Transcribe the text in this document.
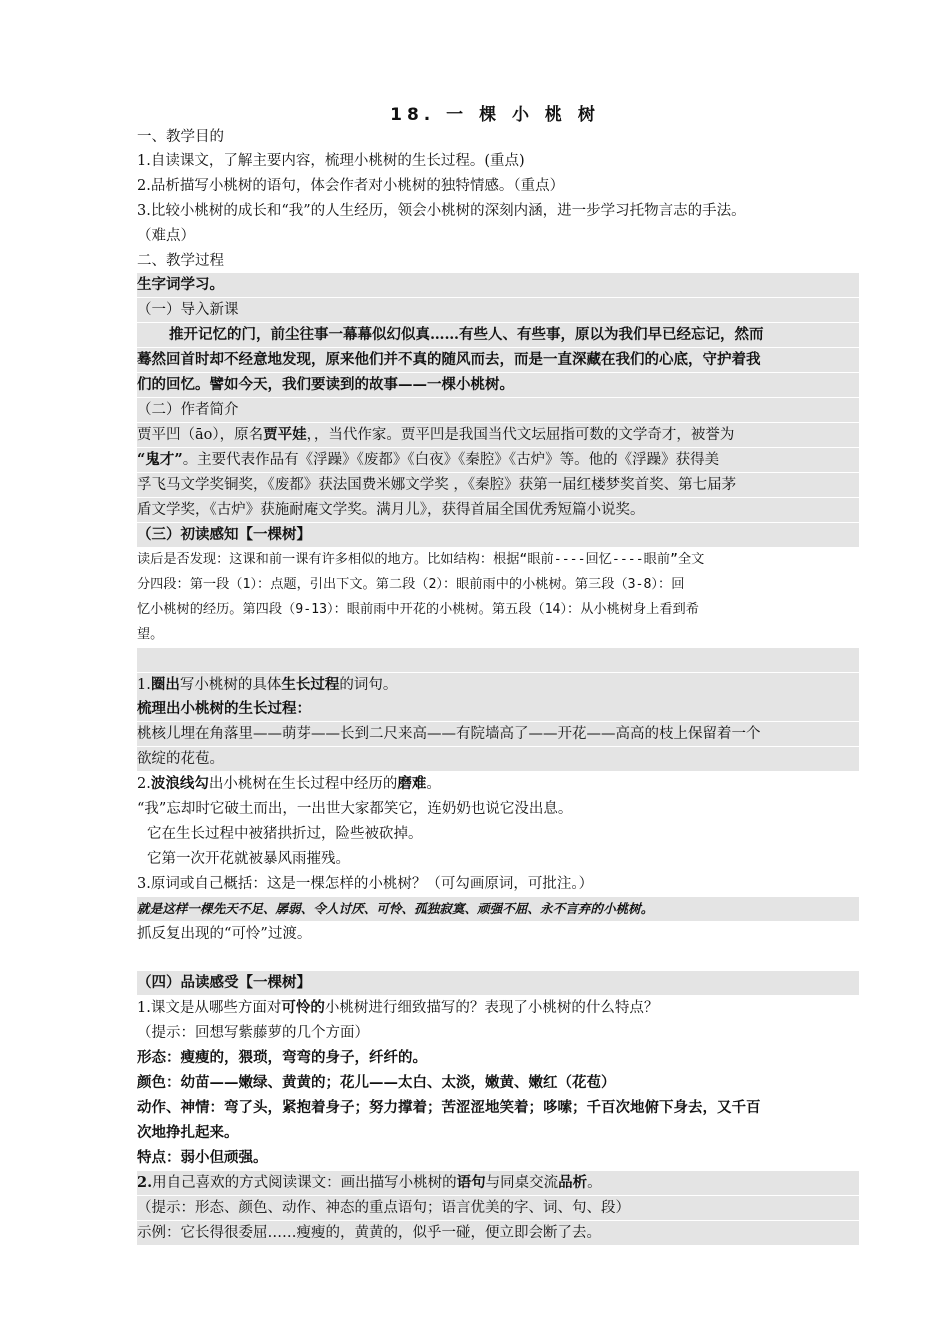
18. 一 棵 小 桃 树
一、教学目的
1.自读课文，了解主要内容，梳理小桃树的生长过程。(重点)
2.品析描写小桃树的语句，体会作者对小桃树的独特情感。（重点）
3.比较小桃树的成长和“我”的人生经历，领会小桃树的深刻内涵，进一步学习托物言志的手法。
（难点）
二、教学过程
生字词学习。
（一）导入新课
推开记忆的门，前尘往事一幕幕似幻似真……有些人、有些事，原以为我们早已经忘记，然而
蓦然回首时却不经意地发现，原来他们并不真的随风而去，而是一直深藏在我们的心底，守护着我
们的回忆。譬如今天，我们要读到的故事——一棵小桃树。
（二）作者简介
贾平凹（āo），原名贾平娃，，当代作家。贾平凹是我国当代文坛屈指可数的文学奇才，被誉为
“鬼才”。主要代表作品有《浮躁》《废都》《白夜》《秦腔》《古炉》等。他的《浮躁》获得美
孚飞马文学奖铜奖，《废都》获法国费米娜文学奖 ，《秦腔》获第一届红楼梦奖首奖、第七届茅
盾文学奖，《古炉》获施耐庵文学奖。满月儿》，获得首届全国优秀短篇小说奖。
（三）初读感知【一棵树】
读后是否发现：这课和前一课有许多相似的地方。比如结构：根据“眼前----回忆----眼前”全文
分四段：第一段（1）：点题，引出下文。第二段（2）：眼前雨中的小桃树。第三段（3-8）：回
忆小桃树的经历。第四段（9-13）：眼前雨中开花的小桃树。第五段（14）：从小桃树身上看到希
望。
1.圈出写小桃树的具体生长过程的词句。
梳理出小桃树的生长过程：
桃核儿埋在角落里——萌芽——长到二尺来高——有院墙高了——开花——高高的枝上保留着一个
欲绽的花苞。
2.波浪线勾出小桃树在生长过程中经历的磨难。
“我”忘却时它破土而出，一出世大家都笑它，连奶奶也说它没出息。
它在生长过程中被猪拱折过，险些被砍掉。
它第一次开花就被暴风雨摧残。
3.原词或自己概括：这是一棵怎样的小桃树？（可勾画原词，可批注。）
就是这样一棵先天不足、孱弱、令人讨厌、可怜、孤独寂寞、顽强不屈、永不言弃的小桃树。
抓反复出现的“可怜”过渡。
（四）品读感受【一棵树】
1.课文是从哪些方面对可怜的小桃树进行细致描写的？表现了小桃树的什么特点？
（提示：回想写紫藤萝的几个方面）
形态：瘦瘦的，猥琐，弯弯的身子，纤纤的。
颜色：幼苗——嫩绿、黄黄的；花儿——太白、太淡，嫩黄、嫩红（花苞）
动作、神情：弯了头，紧抱着身子；努力撑着；苦涩涩地笑着；哆嗦；千百次地俯下身去，又千百
次地挣扎起来。
特点：弱小但顽强。
2.用自己喜欢的方式阅读课文：画出描写小桃树的语句与同桌交流品析。
（提示：形态、颜色、动作、神态的重点语句；语言优美的字、词、句、段）
示例：它长得很委屈……瘦瘦的，黄黄的，似乎一碰，便立即会断了去。
